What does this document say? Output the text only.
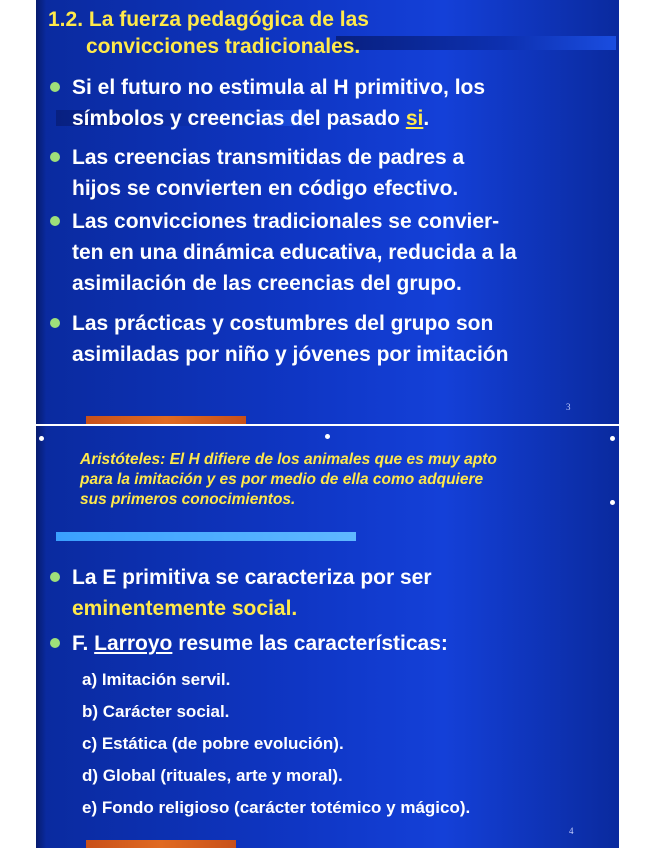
1.2. La fuerza pedagógica de las
convicciones tradicionales.
Si el futuro no estimula al H primitivo, los
símbolos y creencias del pasado si.
Las creencias transmitidas de padres a
hijos se convierten en código efectivo.
Las convicciones tradicionales se convier-
ten en una dinámica educativa, reducida a la
asimilación de las creencias del grupo.
Las prácticas y costumbres del grupo son
asimiladas por niño y jóvenes por imitación
3
Aristóteles: El H difiere de los animales que es muy apto
para la imitación y es por medio de ella como adquiere
sus primeros conocimientos.
La E primitiva se caracteriza por ser
eminentemente social.
F. Larroyo resume las características:
a) Imitación servil.
b) Carácter social.
c) Estática (de pobre evolución).
d) Global (rituales, arte y moral).
e) Fondo religioso (carácter totémico y mágico).
4
